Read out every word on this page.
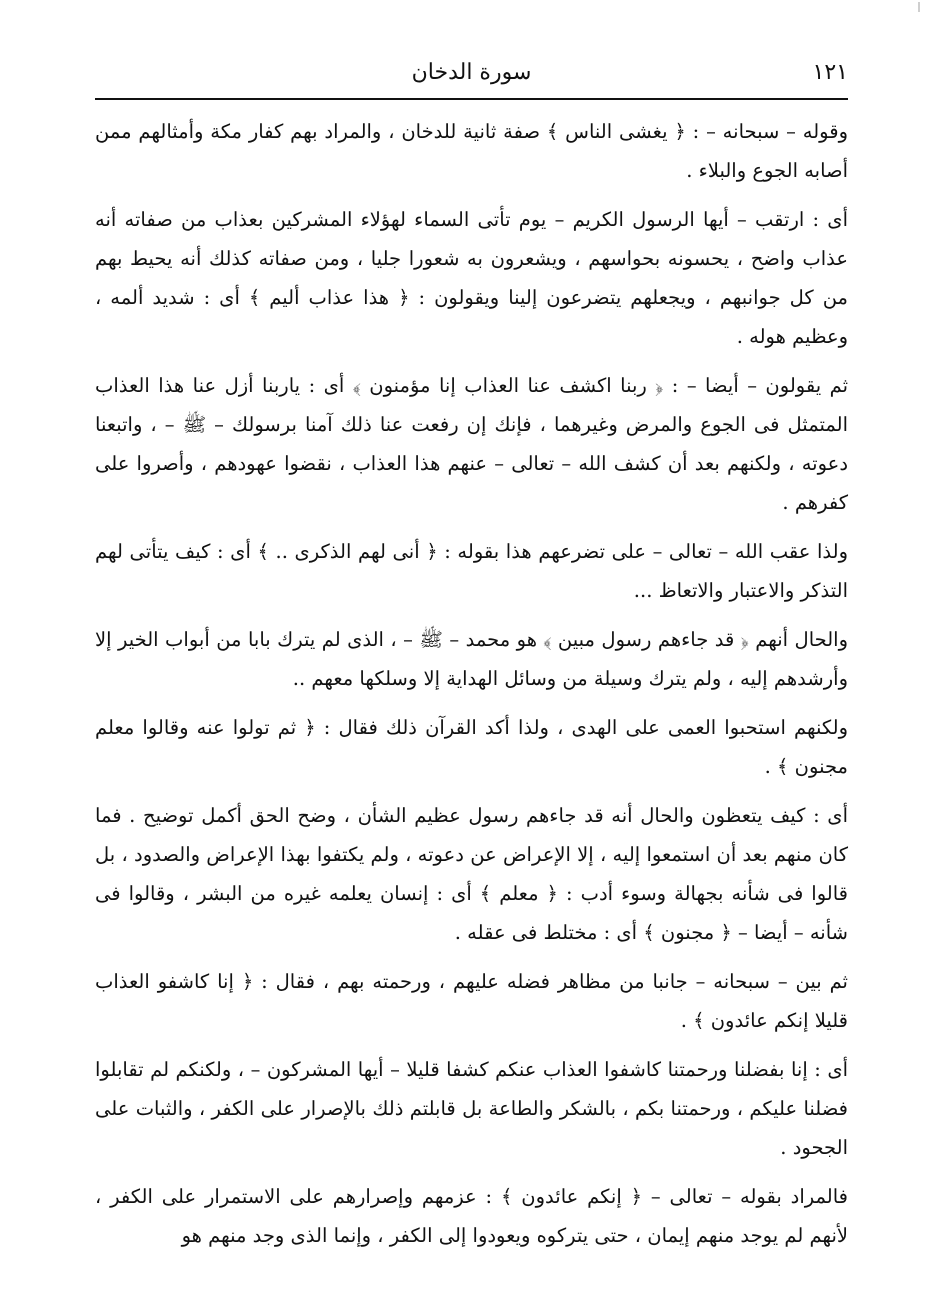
١٢١
سورة الدخان

وقوله – سبحانه – : ﴿ يغشى الناس ﴾ صفة ثانية للدخان ، والمراد بهم كفار مكة وأمثالهم ممن أصابه الجوع والبلاء .

أى : ارتقب – أيها الرسول الكريم – يوم تأتى السماء لهؤلاء المشركين بعذاب من صفاته أنه عذاب واضح ، يحسونه بحواسهم ، ويشعرون به شعورا جليا ، ومن صفاته كذلك أنه يحيط بهم من كل جوانبهم ، ويجعلهم يتضرعون إلينا ويقولون : ﴿ هذا عذاب أليم ﴾ أى : شديد ألمه ، وعظيم هوله .

ثم يقولون – أيضا – : ﴿ ربنا اكشف عنا العذاب إنا مؤمنون ﴾ أى : ياربنا أزل عنا هذا العذاب المتمثل فى الجوع والمرض وغيرهما ، فإنك إن رفعت عنا ذلك آمنا برسولك – ﷺ – ، واتبعنا دعوته ، ولكنهم بعد أن كشف الله – تعالى – عنهم هذا العذاب ، نقضوا عهودهم ، وأصروا على كفرهم .

ولذا عقب الله – تعالى – على تضرعهم هذا بقوله : ﴿ أنى لهم الذكرى .. ﴾ أى : كيف يتأتى لهم التذكر والاعتبار والاتعاظ ...

والحال أنهم ﴿ قد جاءهم رسول مبين ﴾ هو محمد – ﷺ – ، الذى لم يترك بابا من أبواب الخير إلا وأرشدهم إليه ، ولم يترك وسيلة من وسائل الهداية إلا وسلكها معهم ..

ولكنهم استحبوا العمى على الهدى ، ولذا أكد القرآن ذلك فقال : ﴿ ثم تولوا عنه وقالوا معلم مجنون ﴾ .

أى : كيف يتعظون والحال أنه قد جاءهم رسول عظيم الشأن ، وضح الحق أكمل توضيح . فما كان منهم بعد أن استمعوا إليه ، إلا الإعراض عن دعوته ، ولم يكتفوا بهذا الإعراض والصدود ، بل قالوا فى شأنه بجهالة وسوء أدب : ﴿ معلم ﴾ أى : إنسان يعلمه غيره من البشر ، وقالوا فى شأنه – أيضا – ﴿ مجنون ﴾ أى : مختلط فى عقله .

ثم بين – سبحانه – جانبا من مظاهر فضله عليهم ، ورحمته بهم ، فقال : ﴿ إنا كاشفو العذاب قليلا إنكم عائدون ﴾ .

أى : إنا بفضلنا ورحمتنا كاشفوا العذاب عنكم كشفا قليلا – أيها المشركون – ، ولكنكم لم تقابلوا فضلنا عليكم ، ورحمتنا بكم ، بالشكر والطاعة بل قابلتم ذلك بالإصرار على الكفر ، والثبات على الجحود .

فالمراد بقوله – تعالى – ﴿ إنكم عائدون ﴾ : عزمهم وإصرارهم على الاستمرار على الكفر ، لأنهم لم يوجد منهم إيمان ، حتى يتركوه ويعودوا إلى الكفر ، وإنما الذى وجد منهم هو
